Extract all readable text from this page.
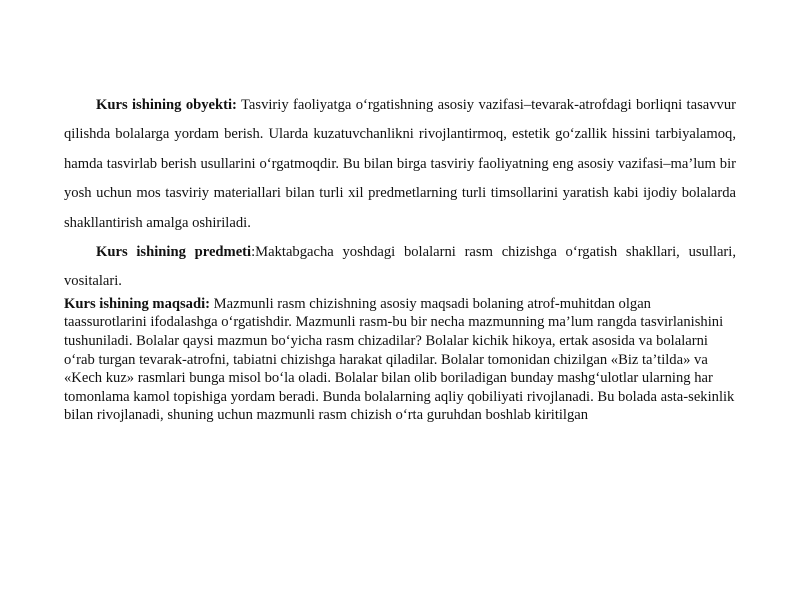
Kurs ishining obyekti: Tasviriy faoliyatga o‘rgatishning asosiy vazifasi–tevarak-atrofdagi borliqni tasavvur qilishda bolalarga yordam berish. Ularda kuzatuvchanlikni rivojlantirmoq, estetik go‘zallik hissini tarbiyalamoq, hamda tasvirlab berish usullarini o‘rgatmoqdir. Bu bilan birga tasviriy faoliyatning eng asosiy vazifasi–ma’lum bir yosh uchun mos tasviriy materiallari bilan turli xil predmetlarning turli timsollarini yaratish kabi ijodiy bolalarda shakllantirish amalga oshiriladi.

Kurs ishining predmeti:Maktabgacha yoshdagi bolalarni rasm chizishga o‘rgatish shakllari, usullari, vositalari.

Kurs ishining maqsadi: Mazmunli rasm chizishning asosiy maqsadi bolaning atrof-muhitdan olgan taassurotlarini ifodalashga o‘rgatishdir. Mazmunli rasm-bu bir necha mazmunning ma’lum rangda tasvirlanishini tushuniladi. Bolalar qaysi mazmun bo‘yicha rasm chizadilar? Bolalar kichik hikoya, ertak asosida va bolalarni o‘rab turgan tevarak-atrofni, tabiatni chizishga harakat qiladilar. Bolalar tomonidan chizilgan «Biz ta’tilda» va «Kech kuz» rasmlari bunga misol bo‘la oladi. Bolalar bilan olib boriladigan bunday mashg‘ulotlar ularning har tomonlama kamol topishiga yordam beradi. Bunda bolalarning aqliy qobiliyati rivojlanadi. Bu bolada asta-sekinlik bilan rivojlanadi, shuning uchun mazmunli rasm chizish o‘rta guruhdan boshlab kiritilgan
